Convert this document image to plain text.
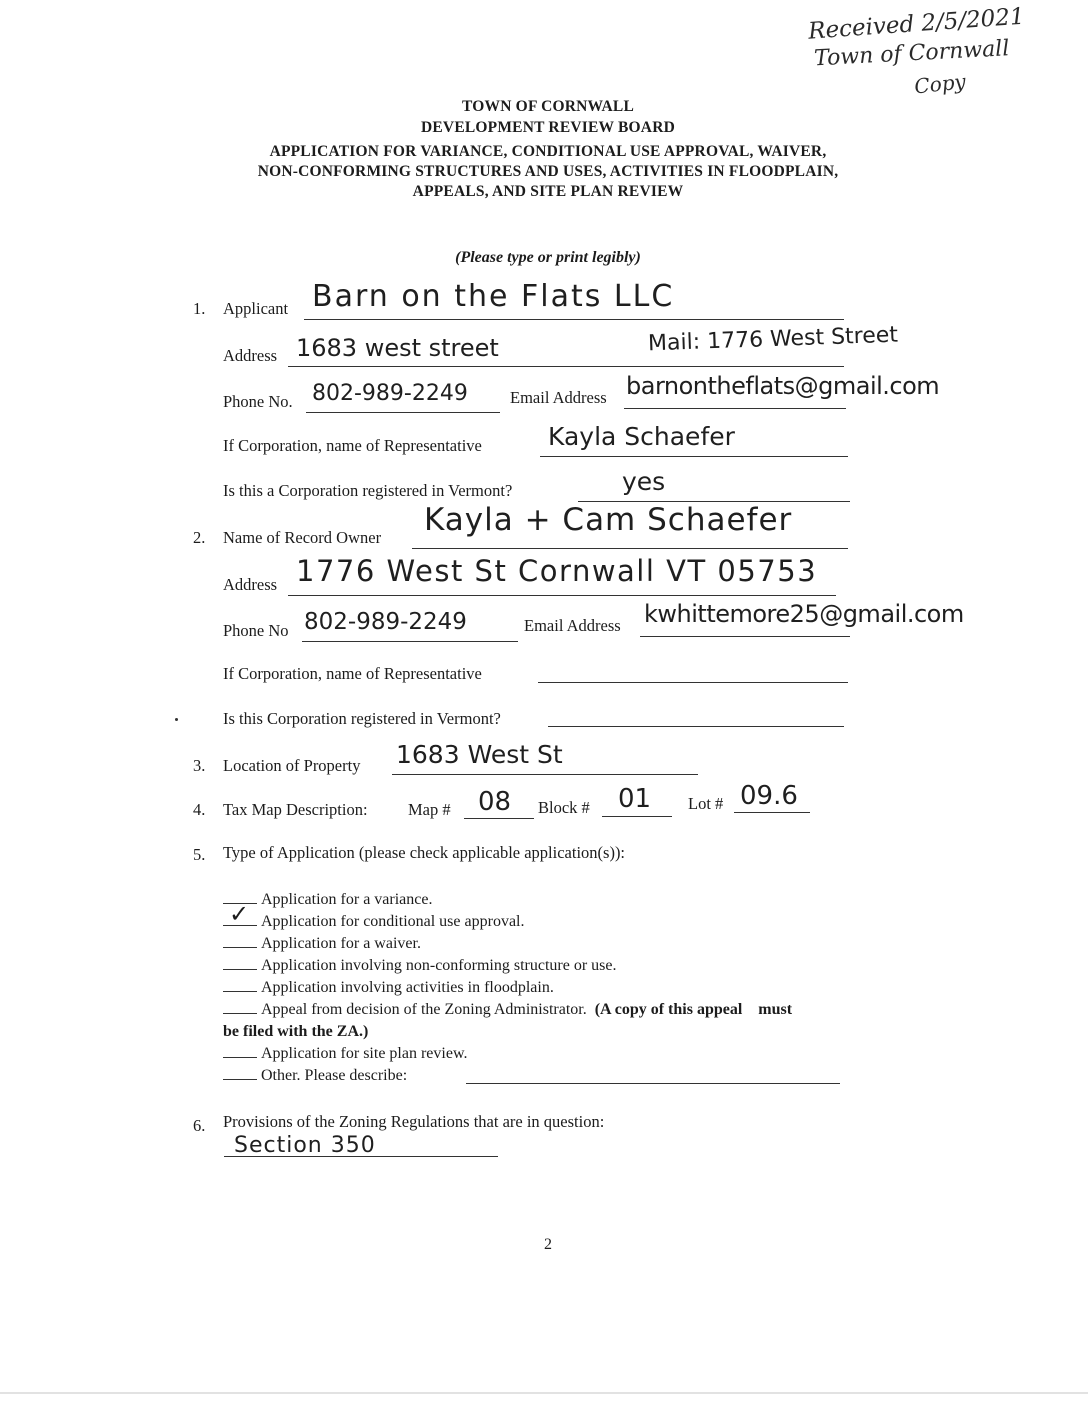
Received 2/5/2021
Town of Cornwall
Copy
TOWN OF CORNWALL
DEVELOPMENT REVIEW BOARD
APPLICATION FOR VARIANCE, CONDITIONAL USE APPROVAL, WAIVER,
NON-CONFORMING STRUCTURES AND USES, ACTIVITIES IN FLOODPLAIN,
APPEALS, AND SITE PLAN REVIEW
(Please type or print legibly)
1. Applicant Barn on the Flats LLC
Address 1683 west street	Mail: 1776 West Street
Phone No. 802-989-2249	Email Address barnontheflats@gmail.com
If Corporation, name of Representative	Kayla Schaefer
Is this a Corporation registered in Vermont?	yes
2. Name of Record Owner Kayla + Cam Schaefer
Address 1776 West St Cornwall VT 05753
Phone No 802-989-2249	Email Address kwhittemore25@gmail.com
If Corporation, name of Representative
Is this Corporation registered in Vermont?
3. Location of Property 1683 West St
4. Tax Map Description: Map # 08 Block # 01 Lot # 09.6
5. Type of Application (please check applicable application(s)):
Application for a variance.
✓ Application for conditional use approval.
Application for a waiver.
Application involving non-conforming structure or use.
Application involving activities in floodplain.
Appeal from decision of the Zoning Administrator. (A copy of this appeal must
be filed with the ZA.)
Application for site plan review.
Other. Please describe:
6. Provisions of the Zoning Regulations that are in question:
Section 350
2
